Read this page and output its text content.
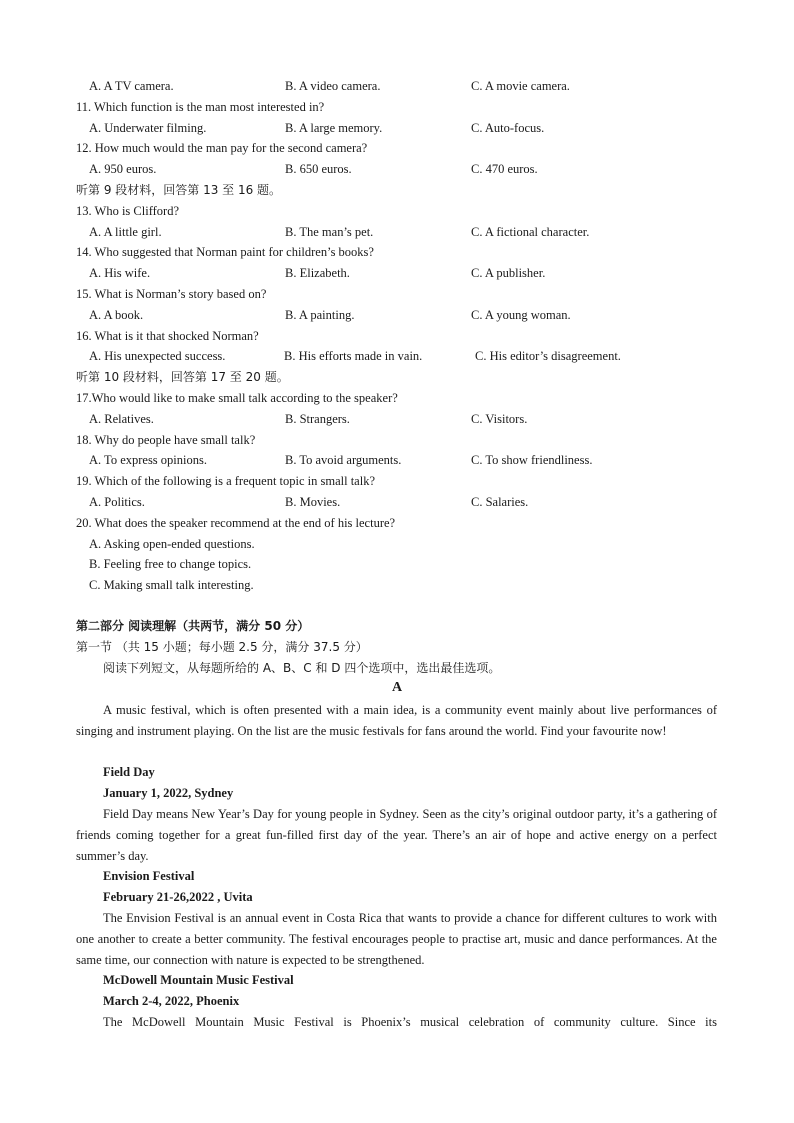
A. A TV camera.	B. A video camera.	C. A movie camera.
11. Which function is the man most interested in?
A. Underwater filming.	B. A large memory.	C. Auto-focus.
12. How much would the man pay for the second camera?
A. 950 euros.	B. 650 euros.	C. 470 euros.
听第 9 段材料，回答第 13 至 16 题。
13. Who is Clifford?
A. A little girl.	B. The man’s pet.	C. A fictional character.
14. Who suggested that Norman paint for children’s books?
A. His wife.	B. Elizabeth.	C. A publisher.
15. What is Norman’s story based on?
A. A book.	B. A painting.	C. A young woman.
16. What is it that shocked Norman?
A. His unexpected success.	B. His efforts made in vain.	C. His editor’s disagreement.
听第 10 段材料，回答第 17 至 20 题。
17.Who would like to make small talk according to the speaker?
A. Relatives.	B. Strangers.	C. Visitors.
18. Why do people have small talk?
A. To express opinions.	B. To avoid arguments.	C. To show friendliness.
19. Which of the following is a frequent topic in small talk?
A. Politics.	B. Movies.	C. Salaries.
20. What does the speaker recommend at the end of his lecture?
A. Asking open-ended questions.
B. Feeling free to change topics.
C. Making small talk interesting.
第二部分 阅读理解（共两节，满分 50 分）
第一节 （共 15 小题；每小题 2.5 分，满分 37.5 分）
阅读下列短文，从每题所给的 A、B、C 和 D 四个选项中，选出最佳选项。
A
A music festival, which is often presented with a main idea, is a community event mainly about live performances of singing and instrument playing. On the list are the music festivals for fans around the world. Find your favourite now!
Field Day
January 1, 2022, Sydney
Field Day means New Year’s Day for young people in Sydney. Seen as the city’s original outdoor party, it’s a gathering of friends coming together for a great fun-filled first day of the year. There’s an air of hope and active energy on a perfect summer’s day.
Envision Festival
February 21-26,2022 , Uvita
The Envision Festival is an annual event in Costa Rica that wants to provide a chance for different cultures to work with one another to create a better community. The festival encourages people to practise art, music and dance performances. At the same time, our connection with nature is expected to be strengthened.
McDowell Mountain Music Festival
March 2-4, 2022, Phoenix
The McDowell Mountain Music Festival is Phoenix’s musical celebration of community culture. Since its
